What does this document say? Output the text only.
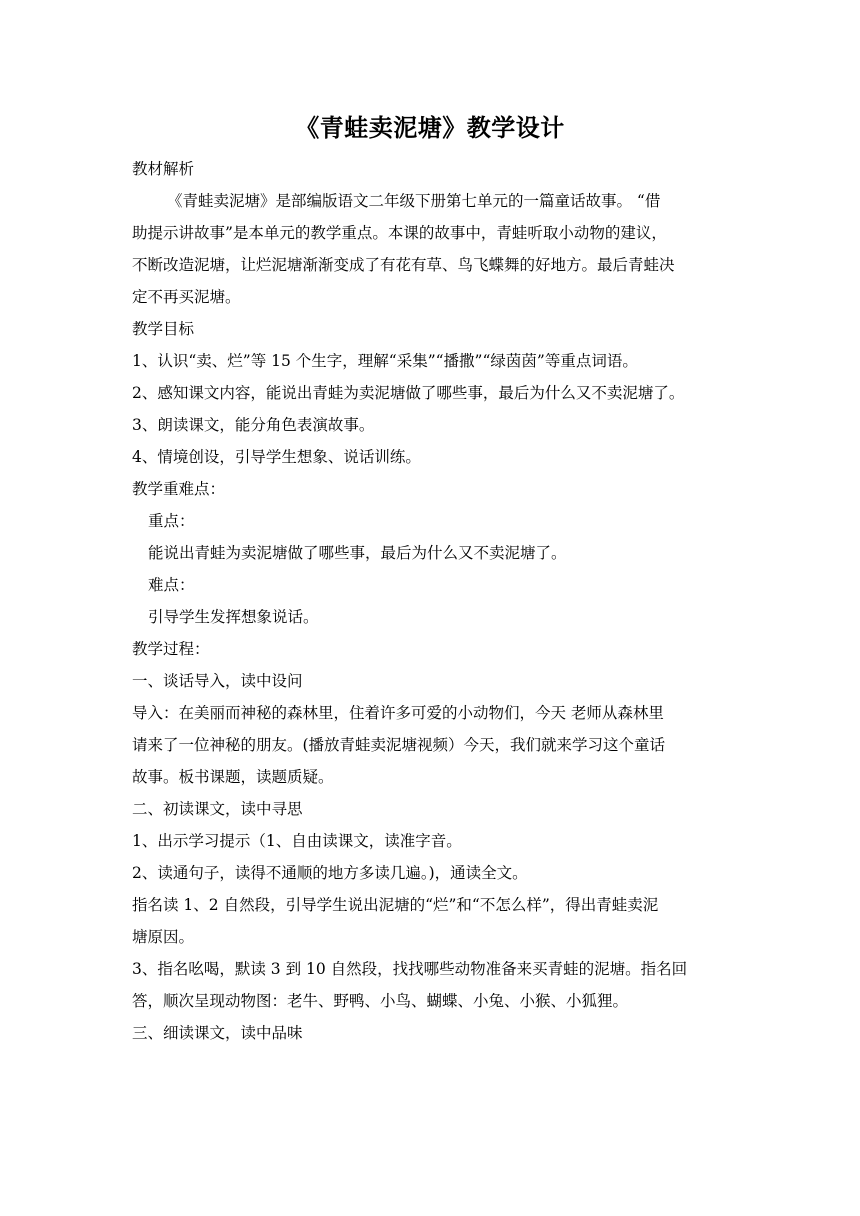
《青蛙卖泥塘》教学设计
教材解析
《青蛙卖泥塘》是部编版语文二年级下册第七单元的一篇童话故事。 “借
助提示讲故事”是本单元的教学重点。本课的故事中，青蛙听取小动物的建议，
不断改造泥塘，让烂泥塘渐渐变成了有花有草、鸟飞蝶舞的好地方。最后青蛙决
定不再买泥塘。
教学目标
1、认识“卖、烂”等 15 个生字，理解“采集”“播撒”“绿茵茵”等重点词语。
2、感知课文内容，能说出青蛙为卖泥塘做了哪些事，最后为什么又不卖泥塘了。
3、朗读课文，能分角色表演故事。
4、情境创设，引导学生想象、说话训练。
教学重难点：
重点：
能说出青蛙为卖泥塘做了哪些事，最后为什么又不卖泥塘了。
难点：
引导学生发挥想象说话。
教学过程：
一、谈话导入，读中设问
导入：在美丽而神秘的森林里，住着许多可爱的小动物们，今天 老师从森林里
请来了一位神秘的朋友。(播放青蛙卖泥塘视频）今天，我们就来学习这个童话
故事。板书课题，读题质疑。
二、初读课文，读中寻思
1、出示学习提示（1、自由读课文，读准字音。
2、读通句子，读得不通顺的地方多读几遍。)，通读全文。
指名读 1、2 自然段，引导学生说出泥塘的“烂”和“不怎么样”，得出青蛙卖泥
塘原因。
3、指名吆喝，默读 3 到 10 自然段，找找哪些动物准备来买青蛙的泥塘。指名回
答，顺次呈现动物图：老牛、野鸭、小鸟、蝴蝶、小兔、小猴、小狐狸。
三、细读课文，读中品味
